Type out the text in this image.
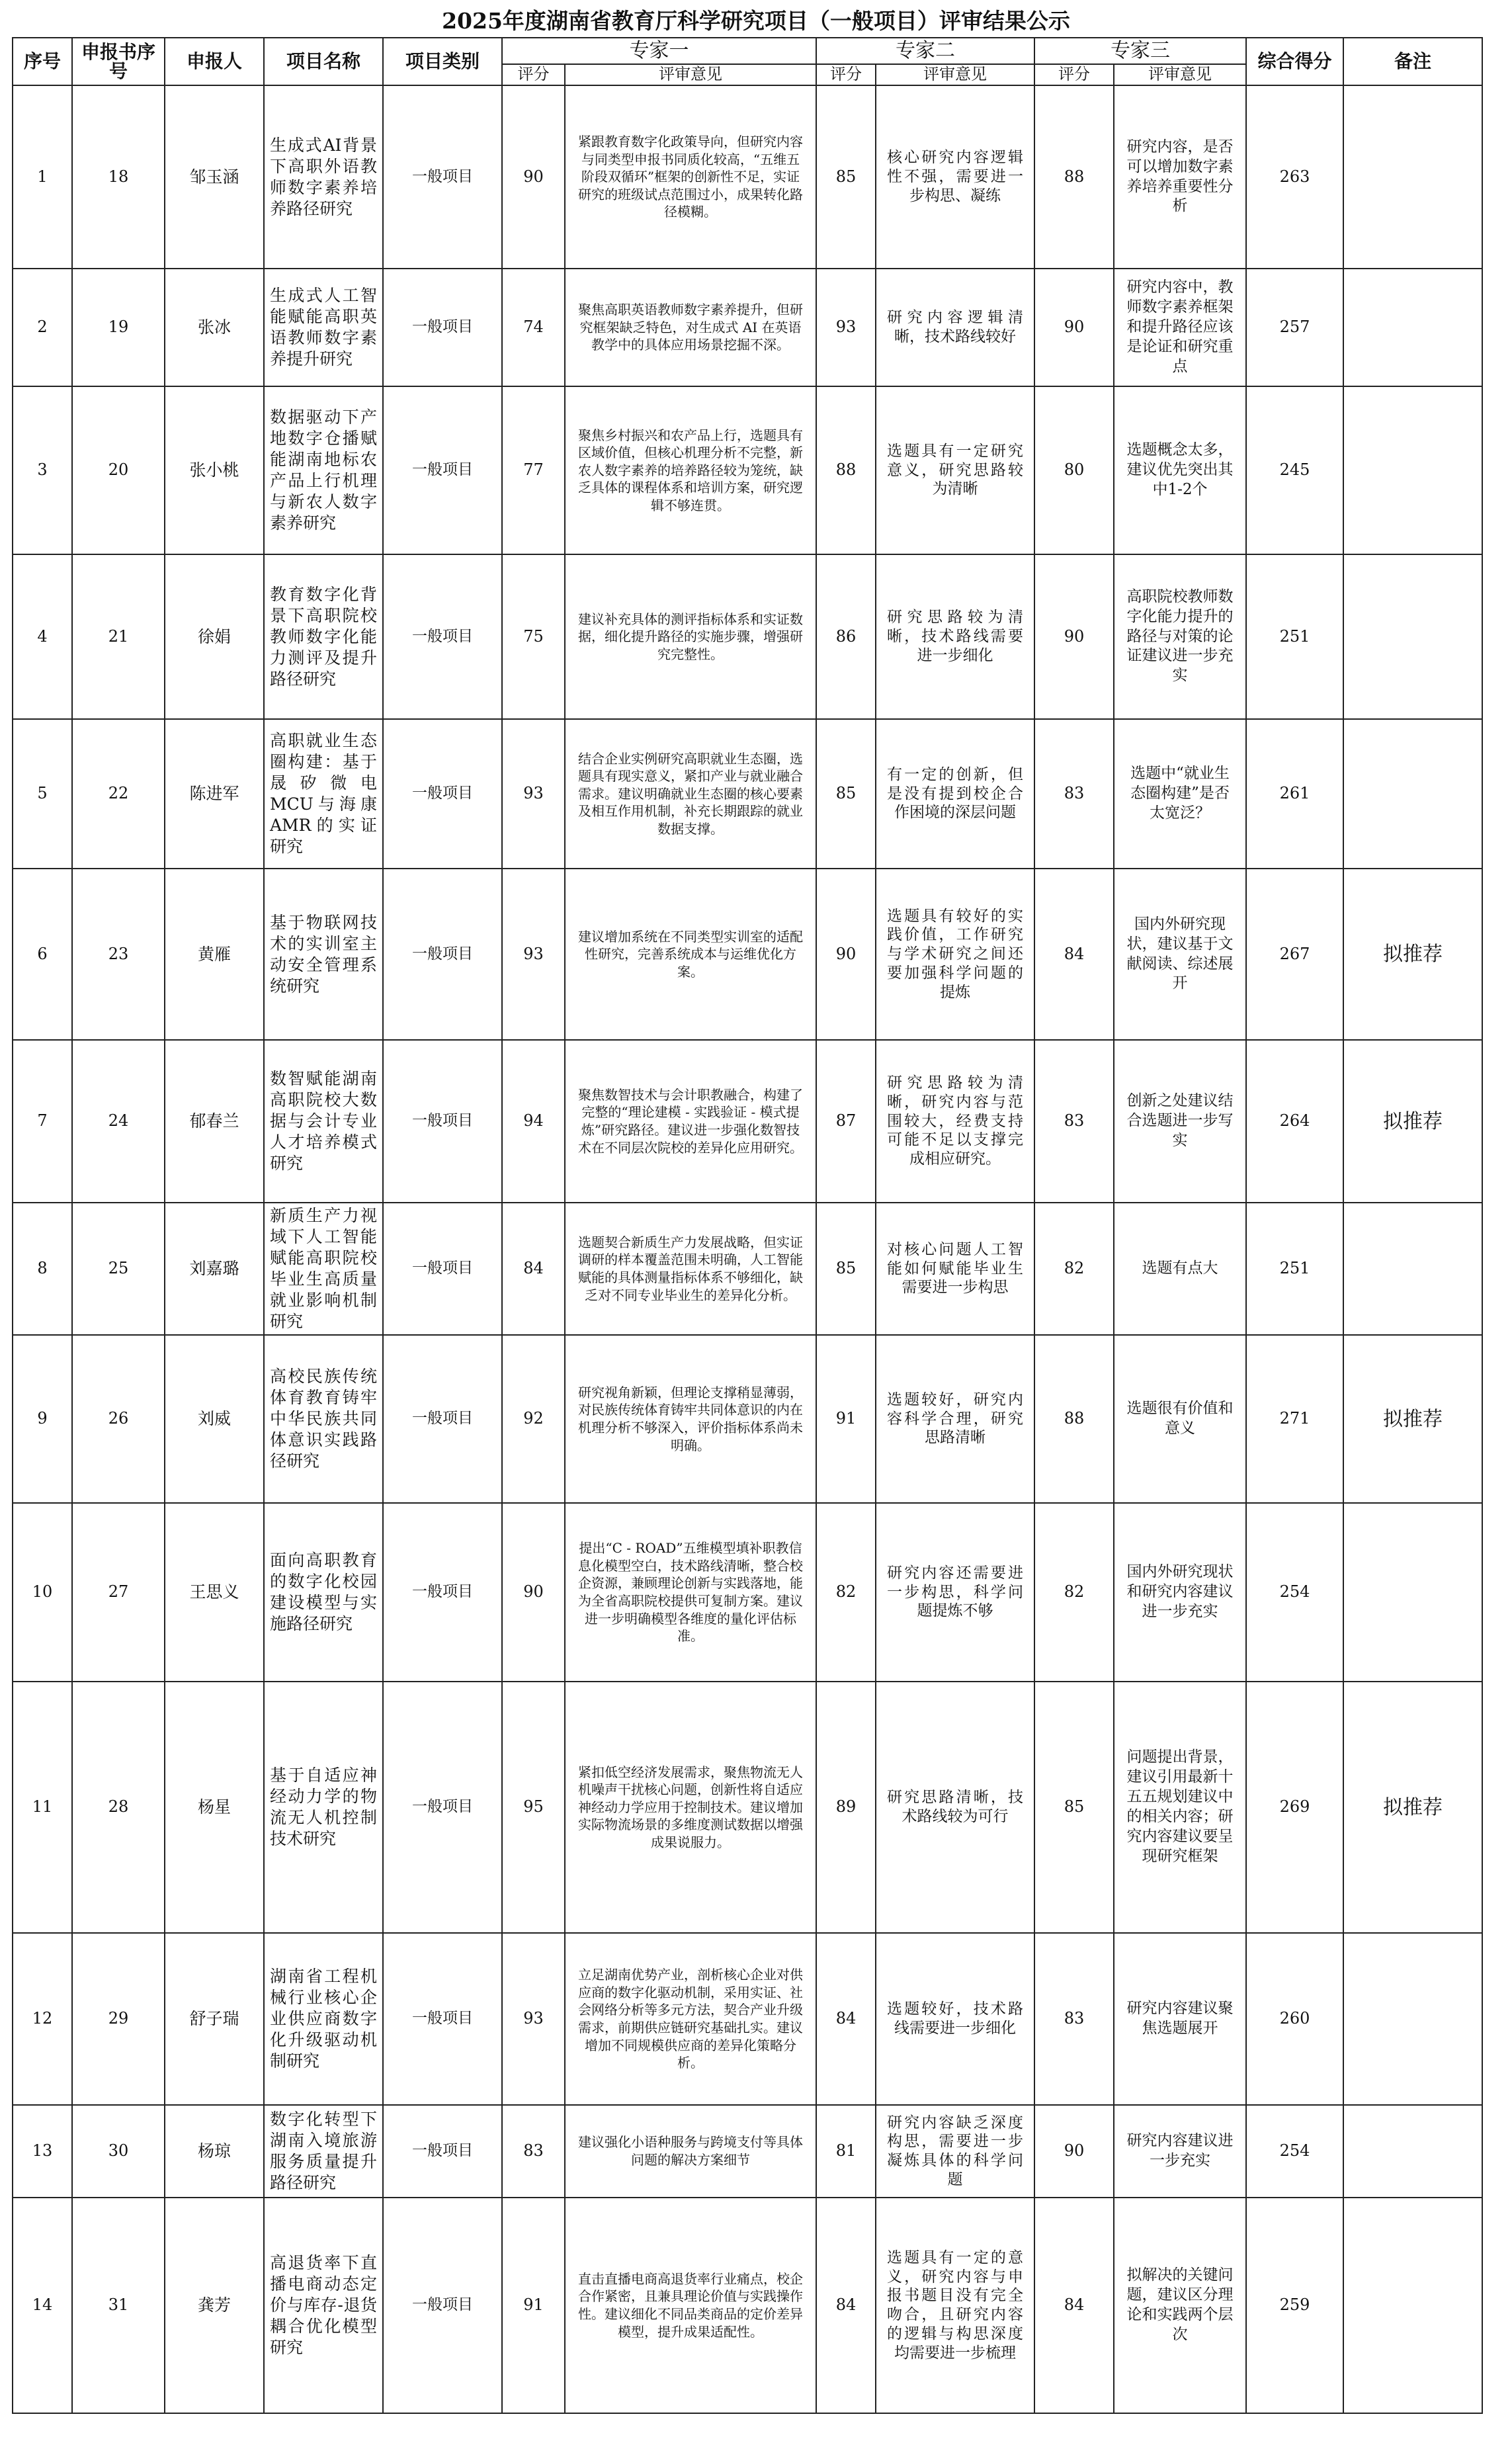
2025年度湖南省教育厅科学研究项目（一般项目）评审结果公示
序号	申报书序号	申报人	项目名称	项目类别	专家一		专家二		专家三		综合得分	备注
					评分	评审意见	评分	评审意见	评分	评审意见		
1	18	邹玉涵	生成式AI背景下高职外语教师数字素养培养路径研究	一般项目	90	紧跟教育数字化政策导向，但研究内容与同类型申报书同质化较高，“五维五阶段双循环”框架的创新性不足，实证研究的班级试点范围过小，成果转化路径模糊。	85	核心研究内容逻辑性不强，需要进一步构思、凝练	88	研究内容，是否可以增加数字素养培养重要性分析	263	
2	19	张冰	生成式人工智能赋能高职英语教师数字素养提升研究	一般项目	74	聚焦高职英语教师数字素养提升，但研究框架缺乏特色，对生成式 AI 在英语教学中的具体应用场景挖掘不深。	93	研究内容逻辑清晰，技术路线较好	90	研究内容中，教师数字素养框架和提升路径应该是论证和研究重点	257	
3	20	张小桃	数据驱动下产地数字仓播赋能湖南地标农产品上行机理与新农人数字素养研究	一般项目	77	聚焦乡村振兴和农产品上行，选题具有区域价值，但核心机理分析不完整，新农人数字素养的培养路径较为笼统，缺乏具体的课程体系和培训方案，研究逻辑不够连贯。	88	选题具有一定研究意义，研究思路较为清晰	80	选题概念太多，建议优先突出其中1-2个	245	
4	21	徐娟	教育数字化背景下高职院校教师数字化能力测评及提升路径研究	一般项目	75	建议补充具体的测评指标体系和实证数据，细化提升路径的实施步骤，增强研究完整性。	86	研究思路较为清晰，技术路线需要进一步细化	90	高职院校教师数字化能力提升的路径与对策的论证建议进一步充实	251	
5	22	陈进军	高职就业生态圈构建：基于晟矽微电MCU与海康AMR的实证研究	一般项目	93	结合企业实例研究高职就业生态圈，选题具有现实意义，紧扣产业与就业融合需求。建议明确就业生态圈的核心要素及相互作用机制，补充长期跟踪的就业数据支撑。	85	有一定的创新，但是没有提到校企合作困境的深层问题	83	选题中“就业生态圈构建”是否太宽泛？	261	
6	23	黄雁	基于物联网技术的实训室主动安全管理系统研究	一般项目	93	建议增加系统在不同类型实训室的适配性研究，完善系统成本与运维优化方案。	90	选题具有较好的实践价值，工作研究与学术研究之间还要加强科学问题的提炼	84	国内外研究现状，建议基于文献阅读、综述展开	267	拟推荐
7	24	郁春兰	数智赋能湖南高职院校大数据与会计专业人才培养模式研究	一般项目	94	聚焦数智技术与会计职教融合，构建了完整的“理论建模 - 实践验证 - 模式提炼”研究路径。建议进一步强化数智技术在不同层次院校的差异化应用研究。	87	研究思路较为清晰，研究内容与范围较大，经费支持可能不足以支撑完成相应研究。	83	创新之处建议结合选题进一步写实	264	拟推荐
8	25	刘嘉璐	新质生产力视域下人工智能赋能高职院校毕业生高质量就业影响机制研究	一般项目	84	选题契合新质生产力发展战略，但实证调研的样本覆盖范围未明确，人工智能赋能的具体测量指标体系不够细化，缺乏对不同专业毕业生的差异化分析。	85	对核心问题人工智能如何赋能毕业生需要进一步构思	82	选题有点大	251	
9	26	刘威	高校民族传统体育教育铸牢中华民族共同体意识实践路径研究	一般项目	92	研究视角新颖，但理论支撑稍显薄弱，对民族传统体育铸牢共同体意识的内在机理分析不够深入，评价指标体系尚未明确。	91	选题较好，研究内容科学合理，研究思路清晰	88	选题很有价值和意义	271	拟推荐
10	27	王思义	面向高职教育的数字化校园建设模型与实施路径研究	一般项目	90	提出“C - ROAD”五维模型填补职教信息化模型空白，技术路线清晰，整合校企资源，兼顾理论创新与实践落地，能为全省高职院校提供可复制方案。建议进一步明确模型各维度的量化评估标准。	82	研究内容还需要进一步构思，科学问题提炼不够	82	国内外研究现状和研究内容建议进一步充实	254	
11	28	杨星	基于自适应神经动力学的物流无人机控制技术研究	一般项目	95	紧扣低空经济发展需求，聚焦物流无人机噪声干扰核心问题，创新性将自适应神经动力学应用于控制技术。建议增加实际物流场景的多维度测试数据以增强成果说服力。	89	研究思路清晰，技术路线较为可行	85	问题提出背景，建议引用最新十五五规划建议中的相关内容；研究内容建议要呈现研究框架	269	拟推荐
12	29	舒子瑞	湖南省工程机械行业核心企业供应商数字化升级驱动机制研究	一般项目	93	立足湖南优势产业，剖析核心企业对供应商的数字化驱动机制，采用实证、社会网络分析等多元方法，契合产业升级需求，前期供应链研究基础扎实。建议增加不同规模供应商的差异化策略分析。	84	选题较好，技术路线需要进一步细化	83	研究内容建议聚焦选题展开	260	
13	30	杨琼	数字化转型下湖南入境旅游服务质量提升路径研究	一般项目	83	建议强化小语种服务与跨境支付等具体问题的解决方案细节	81	研究内容缺乏深度构思，需要进一步凝炼具体的科学问题	90	研究内容建议进一步充实	254	
14	31	龚芳	高退货率下直播电商动态定价与库存-退货耦合优化模型研究	一般项目	91	直击直播电商高退货率行业痛点，校企合作紧密，且兼具理论价值与实践操作性。建议细化不同品类商品的定价差异模型，提升成果适配性。	84	选题具有一定的意义，研究内容与申报书题目没有完全吻合，且研究内容的逻辑与构思深度均需要进一步梳理	84	拟解决的关键问题，建议区分理论和实践两个层次	259	
